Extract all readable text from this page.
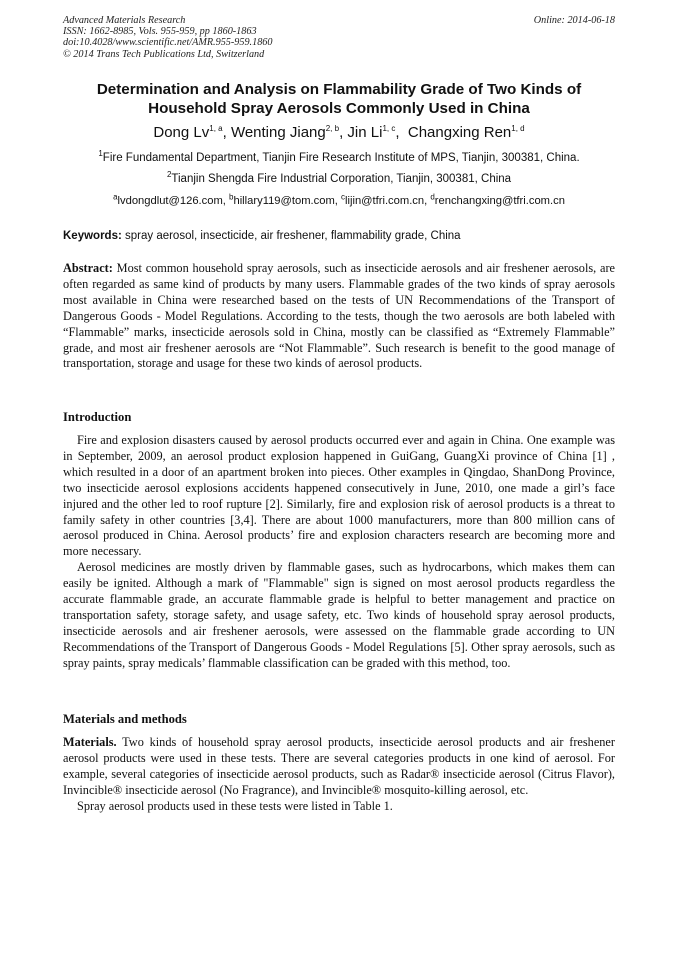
Advanced Materials Research
ISSN: 1662-8985, Vols. 955-959, pp 1860-1863
doi:10.4028/www.scientific.net/AMR.955-959.1860
© 2014 Trans Tech Publications Ltd, Switzerland
Online: 2014-06-18
Determination and Analysis on Flammability Grade of Two Kinds of
Household Spray Aerosols Commonly Used in China
Dong Lv$^{1, a}$, Wenting Jiang$^{2, b}$, Jin Li$^{1, c}$,  Changxing Ren$^{1, d}$
$^1$Fire Fundamental Department, Tianjin Fire Research Institute of MPS, Tianjin, 300381, China.
$^2$Tianjin Shengda Fire Industrial Corporation, Tianjin, 300381, China
$^a$lvdongdlut@126.com, $^b$hillary119@tom.com, $^c$lijin@tfri.com.cn, $^d$renchangxing@tfri.com.cn
Keywords: spray aerosol, insecticide, air freshener, flammability grade, China

Abstract: Most common household spray aerosols, such as insecticide aerosols and air freshener aerosols, are often regarded as same kind of products by many users. Flammable grades of the two kinds of spray aerosols most available in China were researched based on the tests of UN Recommendations of the Transport of Dangerous Goods - Model Regulations. According to the tests, though the two aerosols are both labeled with “Flammable” marks, insecticide aerosols sold in China, mostly can be classified as “Extremely Flammable” grade, and most air freshener aerosols are “Not Flammable”. Such research is benefit to the good manage of transportation, storage and usage for these two kinds of aerosol products.

Introduction

Fire and explosion disasters caused by aerosol products occurred ever and again in China. One example was in September, 2009, an aerosol product explosion happened in GuiGang, GuangXi province of China [1] , which resulted in a door of an apartment broken into pieces. Other examples in Qingdao, ShanDong Province, two insecticide aerosol explosions accidents happened consecutively in June, 2010, one made a girl’s face injured and the other led to roof rupture [2]. Similarly, fire and explosion risk of aerosol products is a threat to family safety in other countries [3,4]. There are about 1000 manufacturers, more than 800 million cans of aerosol produced in China. Aerosol products’ fire and explosion characters research are becoming more and more necessary.

Aerosol medicines are mostly driven by flammable gases, such as hydrocarbons, which makes them can easily be ignited. Although a mark of "Flammable" sign is signed on most aerosol products regardless the accurate flammable grade, an accurate flammable grade is helpful to better management and practice on transportation safety, storage safety, and usage safety, etc. Two kinds of household spray aerosol products, insecticide aerosols and air freshener aerosols, were assessed on the flammable grade according to UN Recommendations of the Transport of Dangerous Goods - Model Regulations [5]. Other spray aerosols, such as spray paints, spray medicals’ flammable classification can be graded with this method, too.

Materials and methods

Materials. Two kinds of household spray aerosol products, insecticide aerosol products and air freshener aerosol products were used in these tests. There are several categories products in one kind of aerosol. For example, several categories of insecticide aerosol products, such as Radar® insecticide aerosol (Citrus Flavor), Invincible® insecticide aerosol (No Fragrance), and Invincible® mosquito-killing aerosol, etc.

Spray aerosol products used in these tests were listed in Table 1.
